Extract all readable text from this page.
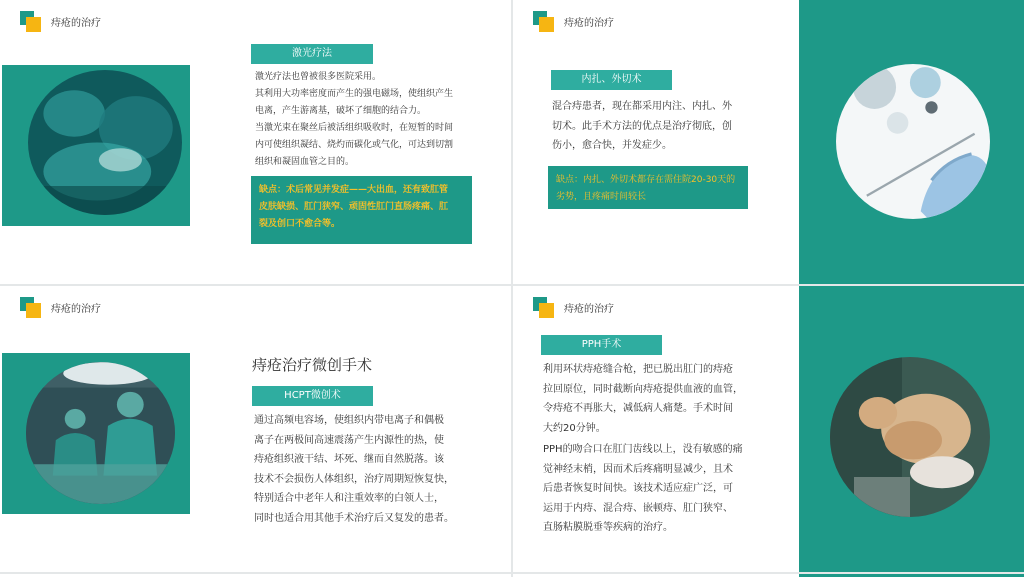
痔疮的治疗
激光疗法

激光疗法也曾被很多医院采用。

其利用大功率密度而产生的强电磁场，使组织产生

电离，产生游离基，破坏了细胞的结合力。

当激光束在聚丝后被活组织吸收时，在短暂的时间

内可使组织凝结、烧灼而碳化或气化，可达到切割

组织和凝固血管之目的。

缺点：术后常见并发症——大出血，还有致肛管
皮肤缺损、肛门狭窄、顽固性肛门直肠疼痛、肛
裂及创口不愈合等。
痔疮的治疗
内扎、外切术

混合痔患者，现在都采用内注、内扎、外

切术。此手术方法的优点是治疗彻底，创

伤小，愈合快，并发症少。

缺点：内扎、外切术都存在需住院20-30天的
劣势，且疼痛时间较长
痔疮的治疗
痔疮治疗微创手术
HCPT微创术

通过高频电容场，使组织内带电离子和偶极

离子在两极间高速震荡产生内源性的热，使

痔疮组织液干结、坏死、继而自然脱落。该

技术不会损伤人体组织，治疗周期短恢复快，

特别适合中老年人和注重效率的白领人士，

同时也适合用其他手术治疗后又复发的患者。

痔疮的治疗
PPH手术

利用环状痔疮缝合枪，把已脱出肛门的痔疮

拉回原位，同时截断向痔疮提供血液的血管，

令痔疮不再胀大，减低病人痛楚。手术时间

大约20分钟。

PPH的吻合口在肛门齿线以上，没有敏感的痛

觉神经末梢，因而术后疼痛明显减少，且术

后患者恢复时间快。该技术适应症广泛，可

运用于内痔、混合痔、嵌顿痔、肛门狭窄、

直肠粘膜脱垂等疾病的治疗。
